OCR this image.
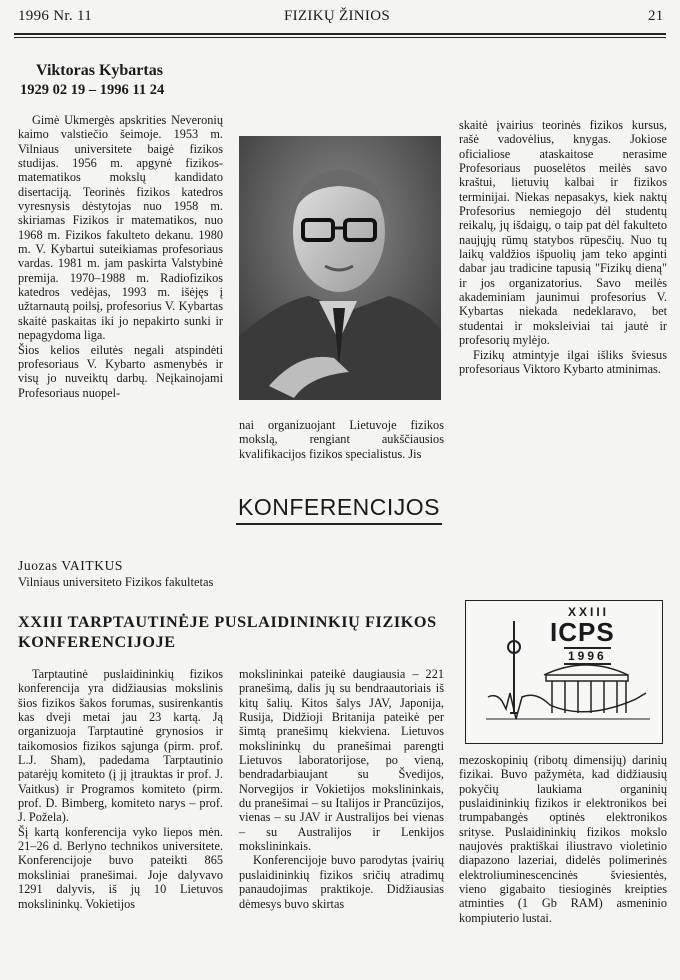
1996 Nr. 11	FIZIKŲ ŽINIOS	21
Viktoras Kybartas
1929 02 19 – 1996 11 24

Gimė Ukmergės apskrities Neveronių kaimo valstiečio šeimoje. 1953 m. Vilniaus universitete baigė fizikos studijas. 1956 m. apgynė fizikos-matematikos mokslų kandidato disertaciją. Teorinės fizikos katedros vyresnysis dėstytojas nuo 1958 m. skiriamas Fizikos ir matematikos, nuo 1968 m. Fizikos fakulteto dekanu. 1980 m. V. Kybartui suteikiamas profesoriaus vardas. 1981 m. jam paskirta Valstybinė premija. 1970–1988 m. Radiofizikos katedros vedėjas, 1993 m. išėjęs į užtarnautą poilsį, profesorius V. Kybartas skaitė paskaitas iki jo nepakirto sunki ir nepagydoma liga.

Šios kelios eilutės negali atspindėti profesoriaus V. Kybarto asmenybės ir visų jo nuveiktų darbų. Neįkainojami Profesoriaus nuopel-

nai organizuojant Lietuvoje fizikos mokslą, rengiant aukščiausios kvalifikacijos fizikos specialistus. Jis

skaitė įvairius teorinės fizikos kursus, rašė vadovėlius, knygas. Jokiose oficialiose ataskaitose nerasime Profesoriaus puoselėtos meilės savo kraštui, lietuvių kalbai ir fizikos terminijai. Niekas nepasakys, kiek naktų Profesorius nemiegojo dėl studentų reikalų, jų išdaigų, o taip pat dėl fakulteto naujųjų rūmų statybos rūpesčių. Nuo tų laikų valdžios išpuolių jam teko apginti dabar jau tradicine tapusią "Fizikų dieną" ir jos organizatorius. Savo meilės akademiniam jaunimui profesorius V. Kybartas niekada nedeklaravo, bet studentai ir moksleiviai tai jautė ir profesorių mylėjo.

Fizikų atmintyje ilgai išliks šviesus profesoriaus Viktoro Kybarto atminimas.

KONFERENCIJOS
Juozas VAITKUS
Vilniaus universiteto Fizikos fakultetas
XXIII TARPTAUTINĖJE PUSLAIDININKIŲ FIZIKOS KONFERENCIJOJE

Tarptautinė puslaidininkių fizikos konferencija yra didžiausias mokslinis šios fizikos šakos forumas, susirenkantis kas dveji metai jau 23 kartą. Ją organizuoja Tarptautinė grynosios ir taikomosios fizikos sąjunga (pirm. prof. L.J. Sham), padedama Tarptautinio patarėjų komiteto (į jį įtrauktas ir prof. J. Vaitkus) ir Programos komiteto (pirm. prof. D. Bimberg, komiteto narys – prof. J. Poželа).

Šį kartą konferencija vyko liepos mėn. 21–26 d. Berlyno technikos universitete. Konferencijoje buvo pateikti 865 moksliniai pranešimai. Joje dalyvavo 1291 dalyvis, iš jų 10 Lietuvos mokslininkų. Vokietijos

mokslininkai pateikė daugiausia – 221 pranešimą, dalis jų su bendraautoriais iš kitų šalių. Kitos šalys JAV, Japonija, Rusija, Didžioji Britanija pateikė per šimtą pranešimų kiekviena. Lietuvos mokslininkų du pranešimai parengti Lietuvos laboratorijose, po vieną, bendradarbiaujant su Švedijos, Norvegijos ir Vokietijos mokslininkais, du pranešimai – su Italijos ir Prancūzijos, vienas – su JAV ir Australijos bei vienas – su Australijos ir Lenkijos mokslininkais.

Konferencijoje buvo parodytas įvairių puslaidininkių fizikos sričių atradimų panaudojimas praktikoje. Didžiausias dėmesys buvo skirtas

XXIII
ICPS
1996

mezoskopinių (ribotų dimensijų) darinių fizikai. Buvo pažymėta, kad didžiausių pokyčių laukiama organinių puslaidininkių fizikos ir elektronikos bei trumpabangės optinės elektronikos srityse. Puslaidininkių fizikos mokslo naujovės praktiškai iliustravo violetinio diapazono lazeriai, didelės polimerinės elektroliuminescencinės šviesientės, vieno gigabaito tiesioginės kreipties atminties (1 Gb RAM) asmeninio kompiuterio lustai.
